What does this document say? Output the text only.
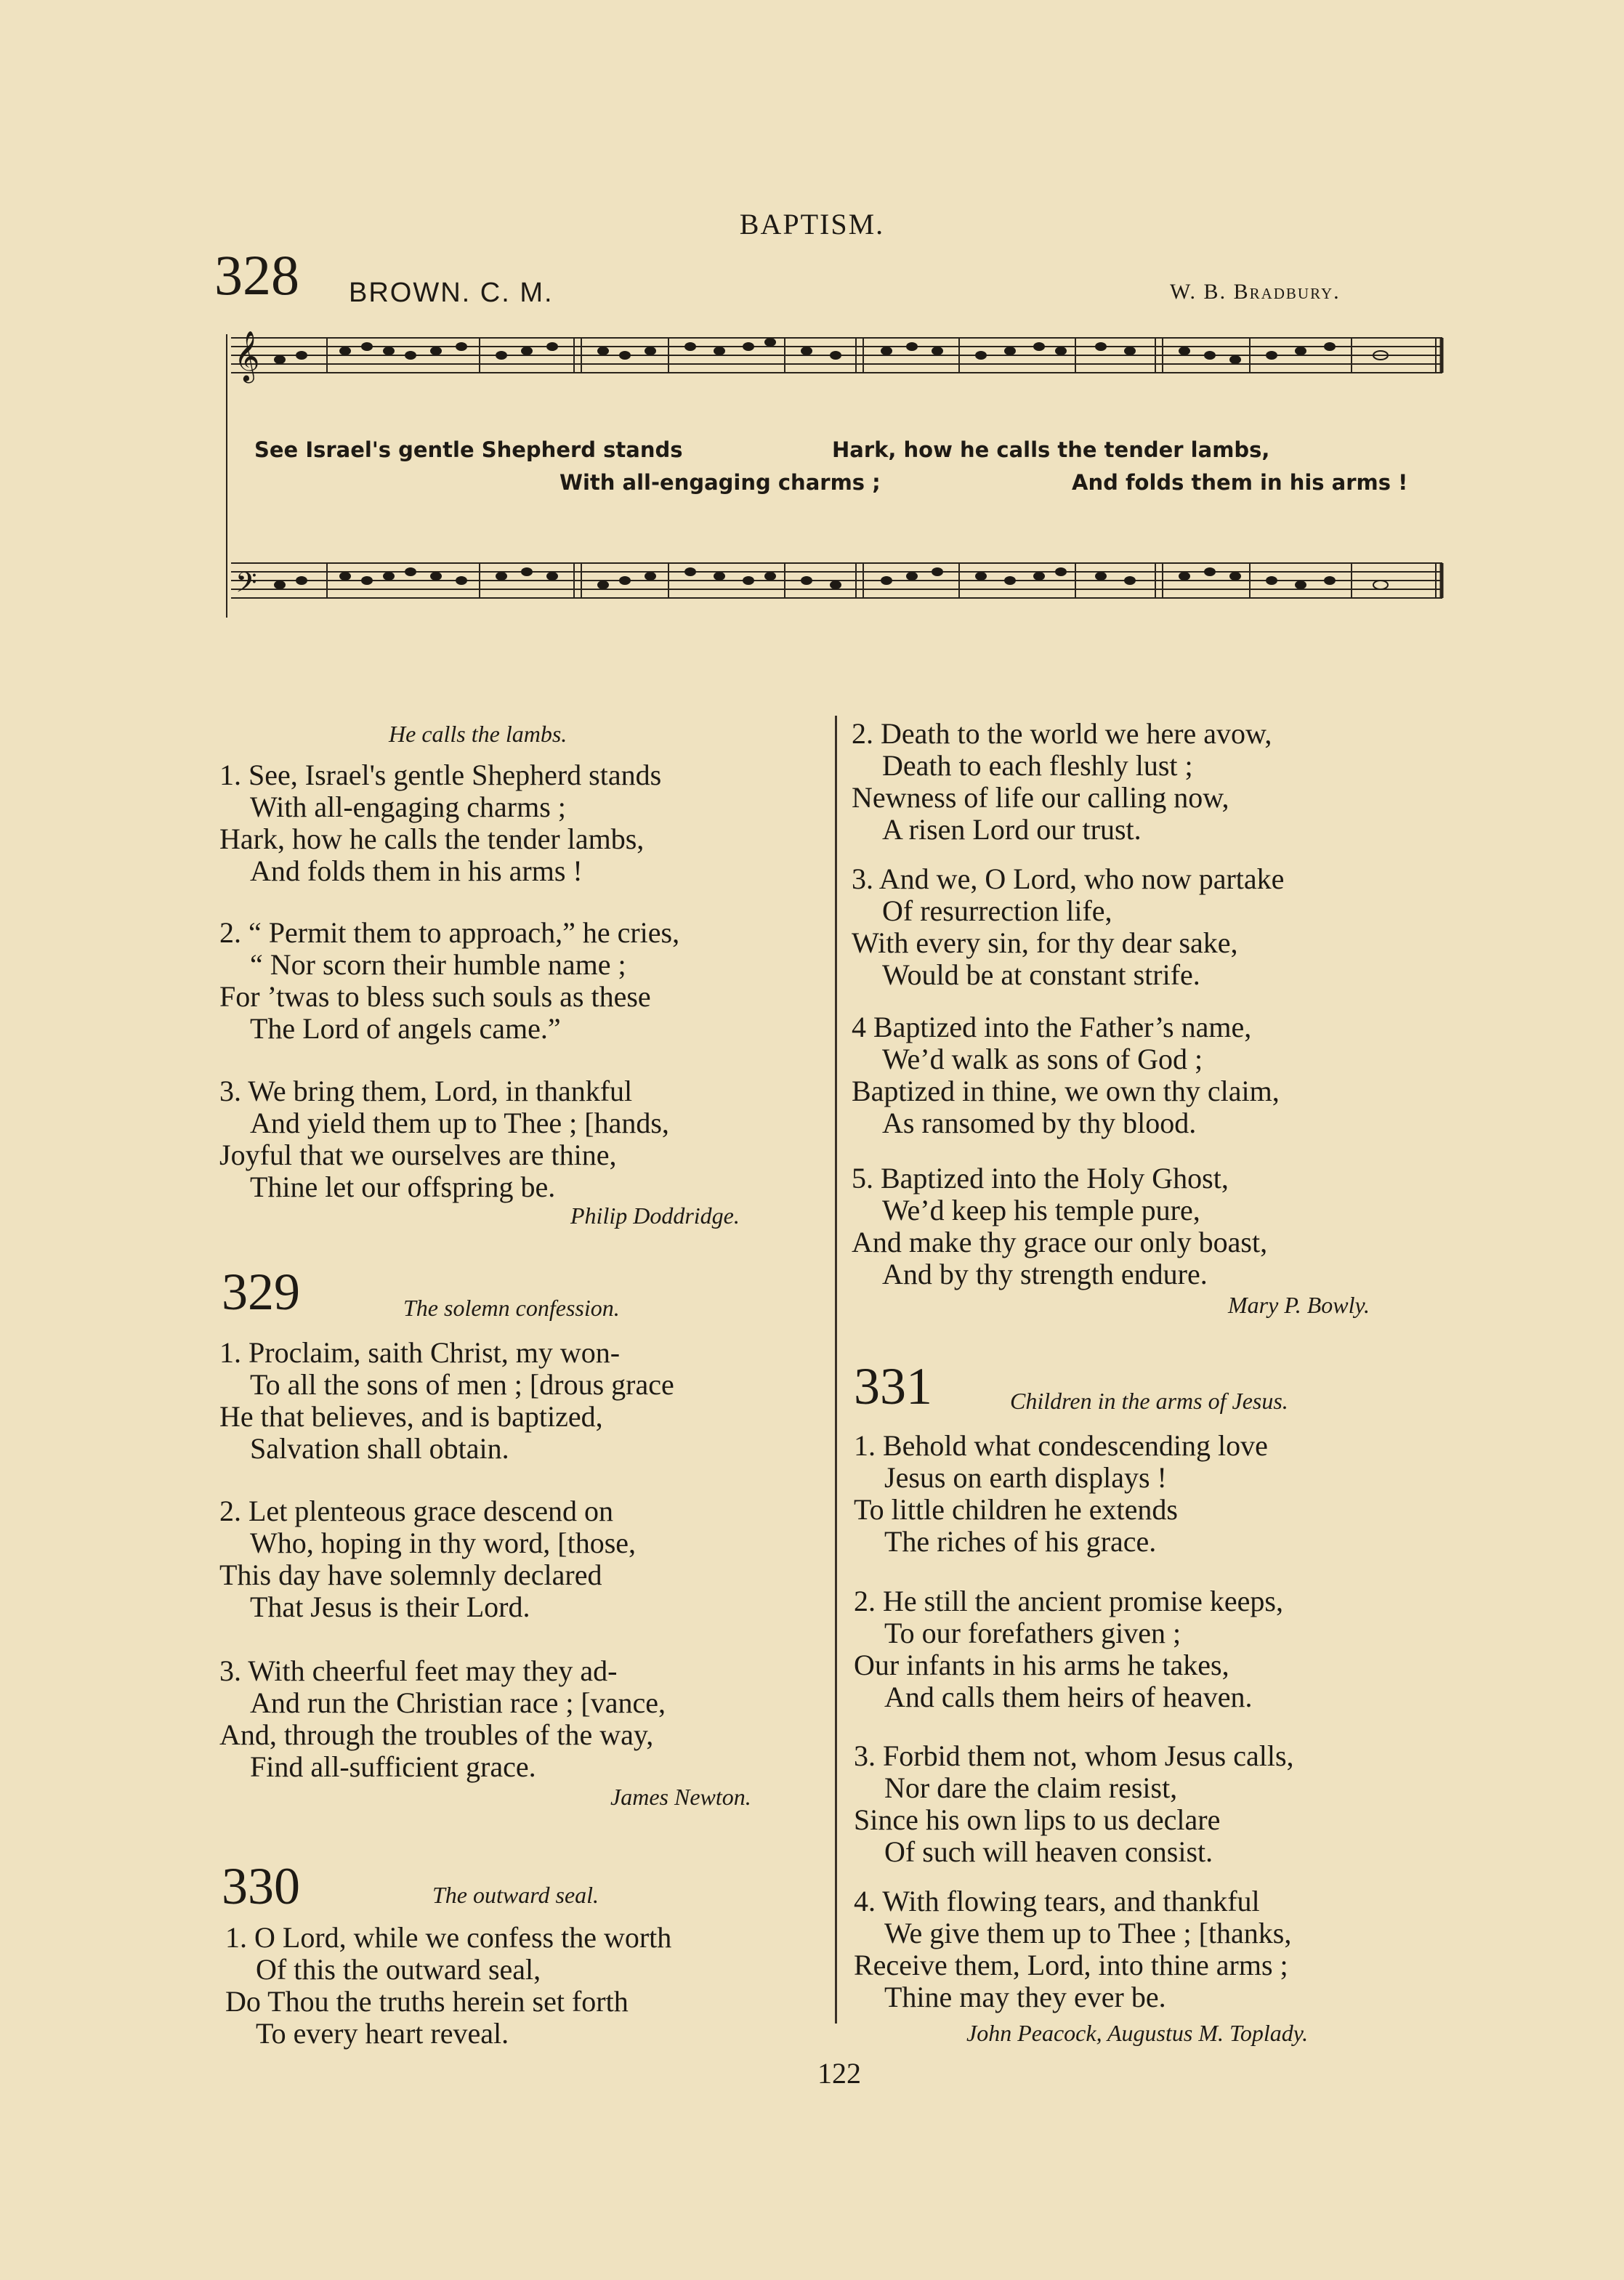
BAPTISM.
328 BROWN. C. M.	W. B. Bradbury.
𝄞
𝄢
See Israel's gentle Shepherd stands
With all-engaging charms ;
Hark, how he calls the tender lambs,
And folds them in his arms !
He calls the lambs.
1. See, Israel's gentle Shepherd stands
With all-engaging charms ;
Hark, how he calls the tender lambs,
And folds them in his arms !
2. “ Permit them to approach,” he cries,
“ Nor scorn their humble name ;
For ’twas to bless such souls as these
The Lord of angels came.”
3. We bring them, Lord, in thankful
And yield them up to Thee ; [hands,
Joyful that we ourselves are thine,
Thine let our offspring be.
Philip Doddridge.
329	The solemn confession.
1. Proclaim, saith Christ, my won-
To all the sons of men ; [drous grace
He that believes, and is baptized,
Salvation shall obtain.
2. Let plenteous grace descend on
Who, hoping in thy word, [those,
This day have solemnly declared
That Jesus is their Lord.
3. With cheerful feet may they ad-
And run the Christian race ; [vance,
And, through the troubles of the way,
Find all-sufficient grace.
James Newton.
330	The outward seal.
1. O Lord, while we confess the worth
Of this the outward seal,
Do Thou the truths herein set forth
To every heart reveal.
2. Death to the world we here avow,
Death to each fleshly lust ;
Newness of life our calling now,
A risen Lord our trust.
3. And we, O Lord, who now partake
Of resurrection life,
With every sin, for thy dear sake,
Would be at constant strife.
4 Baptized into the Father’s name,
We’d walk as sons of God ;
Baptized in thine, we own thy claim,
As ransomed by thy blood.
5. Baptized into the Holy Ghost,
We’d keep his temple pure,
And make thy grace our only boast,
And by thy strength endure.
Mary P. Bowly.
331	Children in the arms of Jesus.
1. Behold what condescending love
Jesus on earth displays !
To little children he extends
The riches of his grace.
2. He still the ancient promise keeps,
To our forefathers given ;
Our infants in his arms he takes,
And calls them heirs of heaven.
3. Forbid them not, whom Jesus calls,
Nor dare the claim resist,
Since his own lips to us declare
Of such will heaven consist.
4. With flowing tears, and thankful
We give them up to Thee ; [thanks,
Receive them, Lord, into thine arms ;
Thine may they ever be.
John Peacock, Augustus M. Toplady.
122
